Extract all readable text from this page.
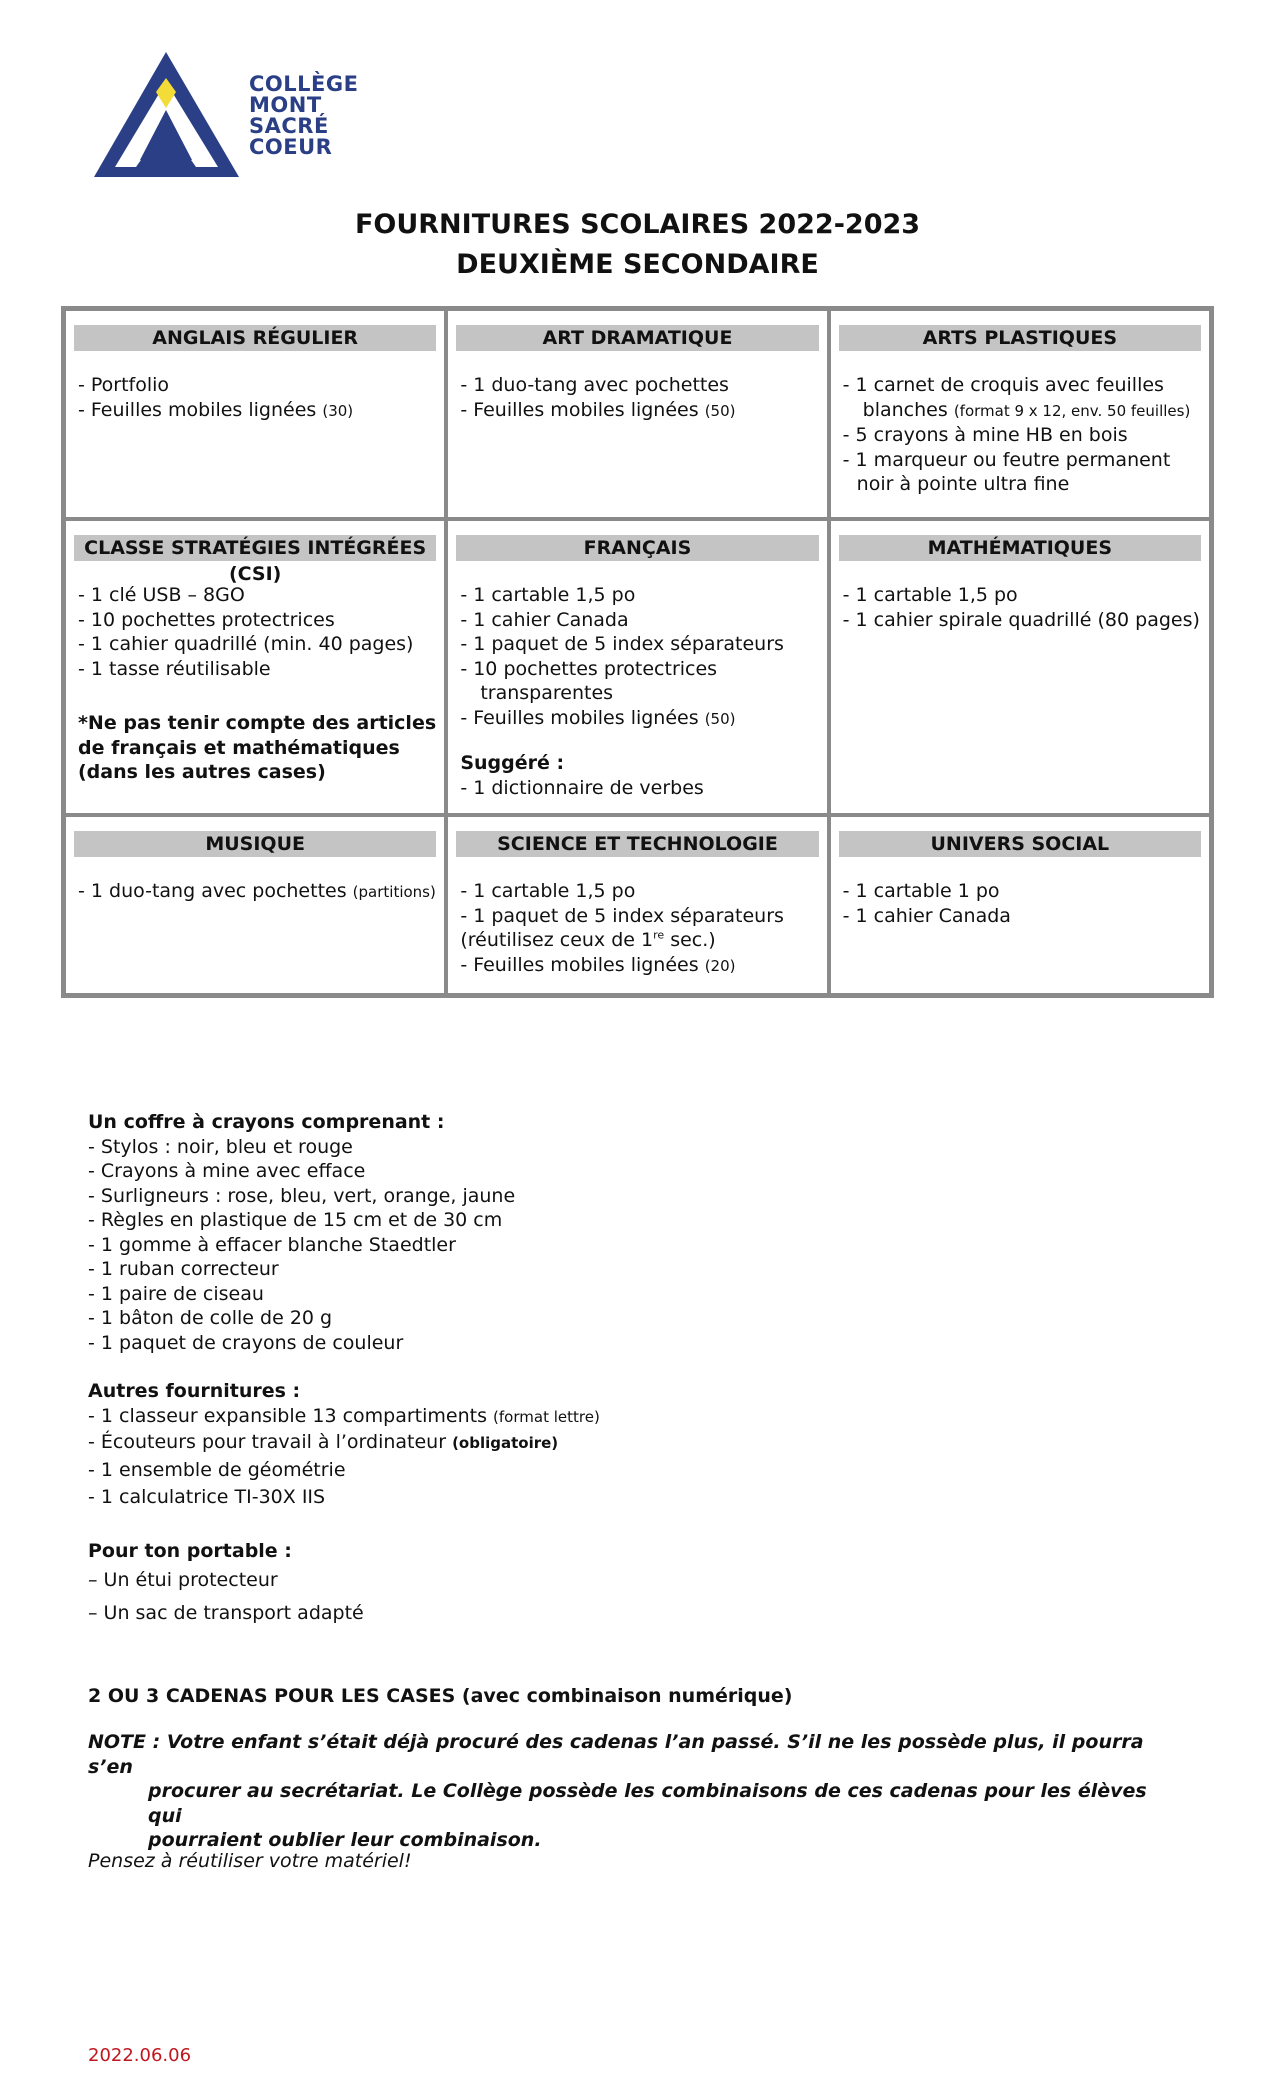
COLLÈGE
MONT
SACRÉ
COEUR
FOURNITURES SCOLAIRES 2022-2023
DEUXIÈME SECONDAIRE
ANGLAIS RÉGULIER
- Portfolio
- Feuilles mobiles lignées (30)
ART DRAMATIQUE
- 1 duo-tang avec pochettes
- Feuilles mobiles lignées (50)
ARTS PLASTIQUES
- 1 carnet de croquis avec feuilles
blanches (format 9 x 12, env. 50 feuilles)
- 5 crayons à mine HB en bois
- 1 marqueur ou feutre permanent
noir à pointe ultra fine
CLASSE STRATÉGIES INTÉGRÉES (CSI)
- 1 clé USB – 8GO
- 10 pochettes protectrices
- 1 cahier quadrillé (min. 40 pages)
- 1 tasse réutilisable
*Ne pas tenir compte des articles de français et mathématiques (dans les autres cases)
FRANÇAIS
- 1 cartable 1,5 po
- 1 cahier Canada
- 1 paquet de 5 index séparateurs
- 10 pochettes protectrices
transparentes
- Feuilles mobiles lignées (50)
Suggéré :
- 1 dictionnaire de verbes
MATHÉMATIQUES
- 1 cartable 1,5 po
- 1 cahier spirale quadrillé (80 pages)
MUSIQUE
- 1 duo-tang avec pochettes (partitions)
SCIENCE ET TECHNOLOGIE
- 1 cartable 1,5 po
- 1 paquet de 5 index séparateurs
(réutilisez ceux de 1re sec.)
- Feuilles mobiles lignées (20)
UNIVERS SOCIAL
- 1 cartable 1 po
- 1 cahier Canada
Un coffre à crayons comprenant :
- Stylos : noir, bleu et rouge
- Crayons à mine avec efface
- Surligneurs : rose, bleu, vert, orange, jaune
- Règles en plastique de 15 cm et de 30 cm
- 1 gomme à effacer blanche Staedtler
- 1 ruban correcteur
- 1 paire de ciseau
- 1 bâton de colle de 20 g
- 1 paquet de crayons de couleur
Autres fournitures :
- 1 classeur expansible 13 compartiments (format lettre)
- Écouteurs pour travail à l’ordinateur (obligatoire)
- 1 ensemble de géométrie
- 1 calculatrice TI-30X IIS
Pour ton portable :
– Un étui protecteur
– Un sac de transport adapté
2 OU 3 CADENAS POUR LES CASES (avec combinaison numérique)
NOTE : Votre enfant s’était déjà procuré des cadenas l’an passé. S’il ne les possède plus, il pourra s’en
procurer au secrétariat. Le Collège possède les combinaisons de ces cadenas pour les élèves qui
pourraient oublier leur combinaison.
Pensez à réutiliser votre matériel!
2022.06.06
